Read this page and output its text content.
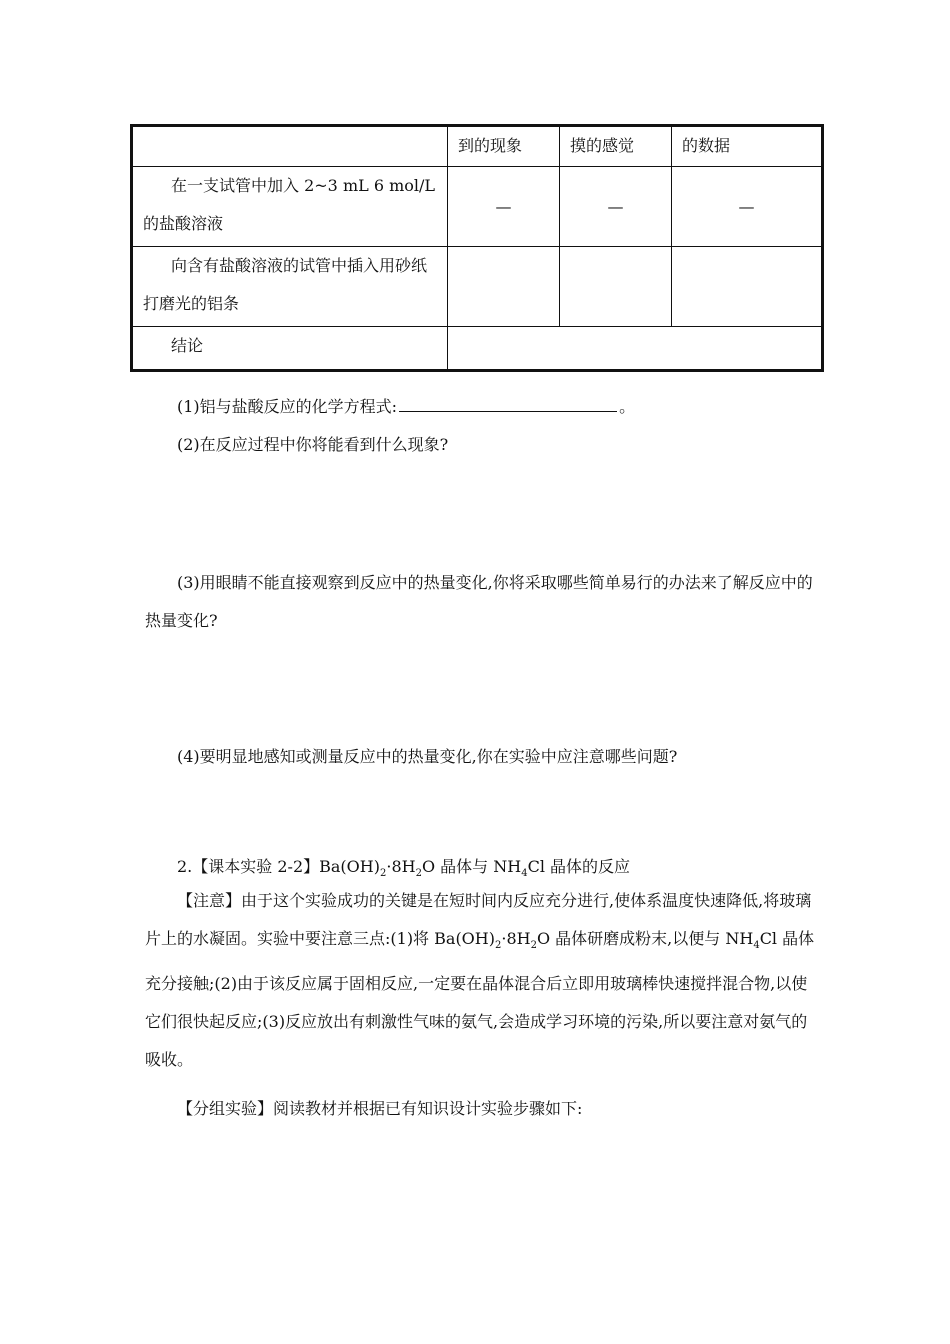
	到的现象	摸的感觉	的数据
在一支试管中加入 2~3 mL 6 mol/L 的盐酸溶液	—	—	—
向含有盐酸溶液的试管中插入用砂纸打磨光的铝条			
结论			
(1)铝与盐酸反应的化学方程式:	。
(2)在反应过程中你将能看到什么现象?
(3)用眼睛不能直接观察到反应中的热量变化,你将采取哪些简单易行的办法来了解反应中的热量变化?
(4)要明显地感知或测量反应中的热量变化,你在实验中应注意哪些问题?
2.【课本实验 2-2】$Ba(OH)_2\cdot 8H_2O$ 晶体与 $NH_4Cl$ 晶体的反应
【注意】由于这个实验成功的关键是在短时间内反应充分进行,使体系温度快速降低,将玻璃片上的水凝固。实验中要注意三点:(1)将 $Ba(OH)_2\cdot 8H_2O$ 晶体研磨成粉末,以便与 $NH_4Cl$ 晶体充分接触;(2)由于该反应属于固相反应,一定要在晶体混合后立即用玻璃棒快速搅拌混合物,以使它们很快起反应;(3)反应放出有刺激性气味的氨气,会造成学习环境的污染,所以要注意对氨气的吸收。
【分组实验】阅读教材并根据已有知识设计实验步骤如下:
